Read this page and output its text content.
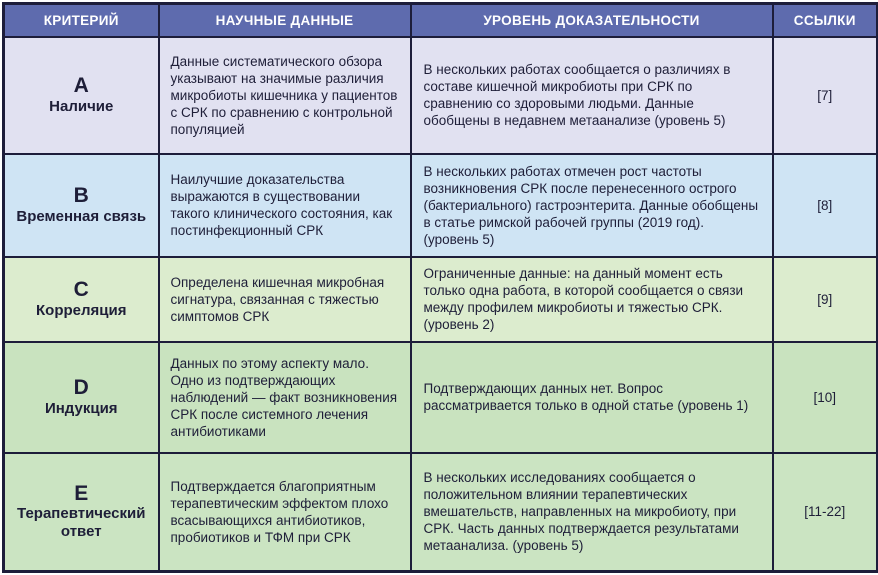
КРИТЕРИЙ	НАУЧНЫЕ ДАННЫЕ	УРОВЕНЬ ДОКАЗАТЕЛЬНОСТИ	ССЫЛКИ

A
Наличие	Данные систематического обзора указывают на значимые различия микробиоты кишечника у пациентов с СРК по сравнению с контрольной популяцией	В нескольких работах сообщается о различиях в составе кишечной микробиоты при СРК по сравнению со здоровыми людьми. Данные обобщены в недавнем метаанализе (уровень 5)	[7]

B
Временная связь	Наилучшие доказательства выражаются в существовании такого клинического состояния, как постинфекционный СРК	В нескольких работах отмечен рост частоты возникновения СРК после перенесенного острого (бактериального) гастроэнтерита. Данные обобщены в статье римской рабочей группы (2019 год). (уровень 5)	[8]

C
Корреляция	Определена кишечная микробная сигнатура, связанная с тяжестью симптомов СРК	Ограниченные данные: на данный момент есть только одна работа, в которой сообщается о связи между профилем микробиоты и тяжестью СРК. (уровень 2)	[9]

D
Индукция	Данных по этому аспекту мало. Одно из подтверждающих наблюдений — факт возникновения СРК после системного лечения антибиотиками	Подтверждающих данных нет. Вопрос рассматривается только в одной статье (уровень 1)	[10]

E
Терапевтический ответ	Подтверждается благоприятным терапевтическим эффектом плохо всасывающихся антибиотиков, пробиотиков и ТФМ при СРК	В нескольких исследованиях сообщается о положительном влиянии терапевтических вмешательств, направленных на микробиоту, при СРК. Часть данных подтверждается результатами метаанализа. (уровень 5)	[11-22]
